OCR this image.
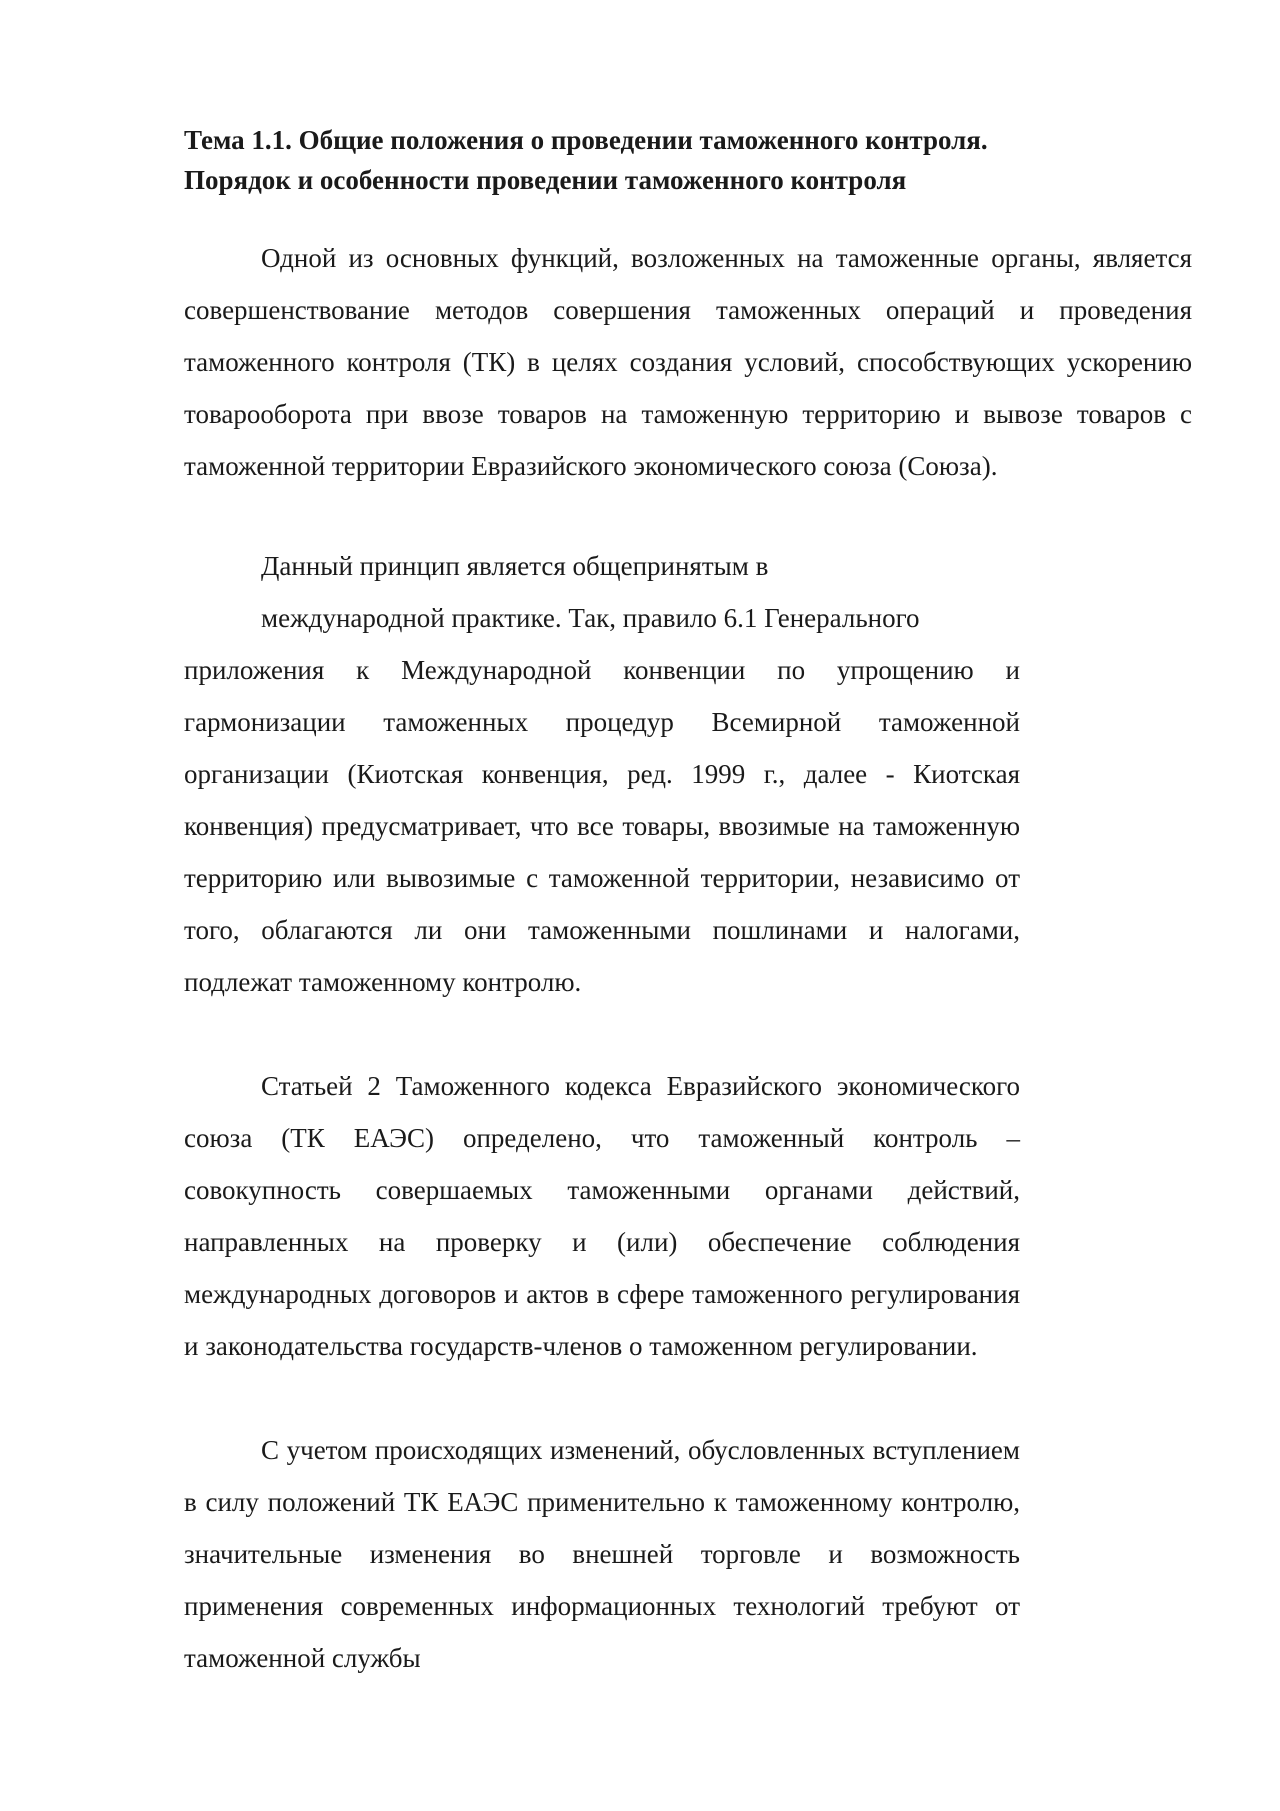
Тема 1.1. Общие положения о проведении таможенного контроля.
Порядок и особенности проведении таможенного контроля

Одной из основных функций, возложенных на таможенные органы, является совершенствование методов совершения таможенных операций и проведения таможенного контроля (ТК) в целях создания условий, способствующих ускорению товарооборота при ввозе товаров на таможенную территорию и вывозе товаров с таможенной территории Евразийского экономического союза (Союза).

Данный принцип является общепринятым в

международной практике. Так, правило 6.1 Генерального

приложения к Международной конвенции по упрощению и гармонизации таможенных процедур Всемирной таможенной организации (Киотская конвенция, ред. 1999 г., далее - Киотская конвенция) предусматривает, что все товары, ввозимые на таможенную территорию или вывозимые с таможенной территории, независимо от того, облагаются ли они таможенными пошлинами и налогами, подлежат таможенному контролю.

Статьей 2 Таможенного кодекса Евразийского экономического союза (ТК ЕАЭС) определено, что таможенный контроль – совокупность совершаемых таможенными органами действий, направленных на проверку и (или) обеспечение соблюдения международных договоров и актов в сфере таможенного регулирования и законодательства государств-членов о таможенном регулировании.

С учетом происходящих изменений, обусловленных вступлением в силу положений ТК ЕАЭС применительно к таможенному контролю, значительные изменения во внешней торговле и возможность применения современных информационных технологий требуют от таможенной службы
